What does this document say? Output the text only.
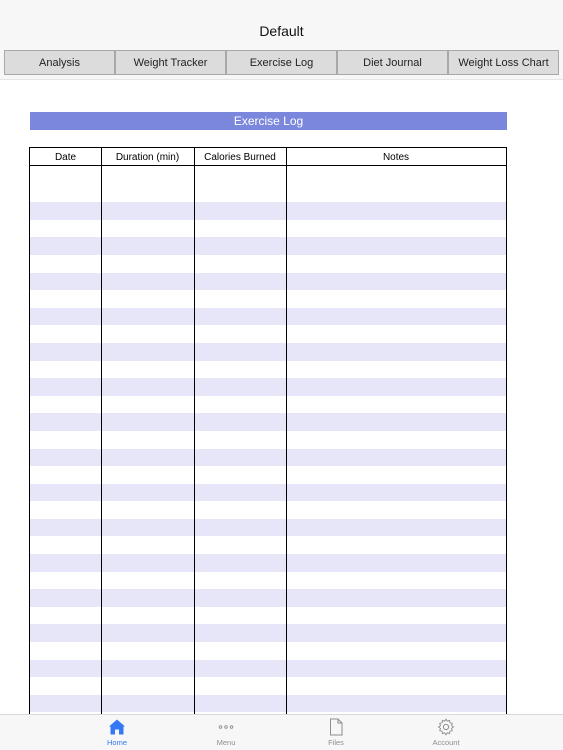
Default
Analysis	Weight Tracker	Exercise Log	Diet Journal	Weight Loss Chart
Exercise Log
Date	Duration (min)	Calories Burned	Notes
Home	Menu	Files	Account
